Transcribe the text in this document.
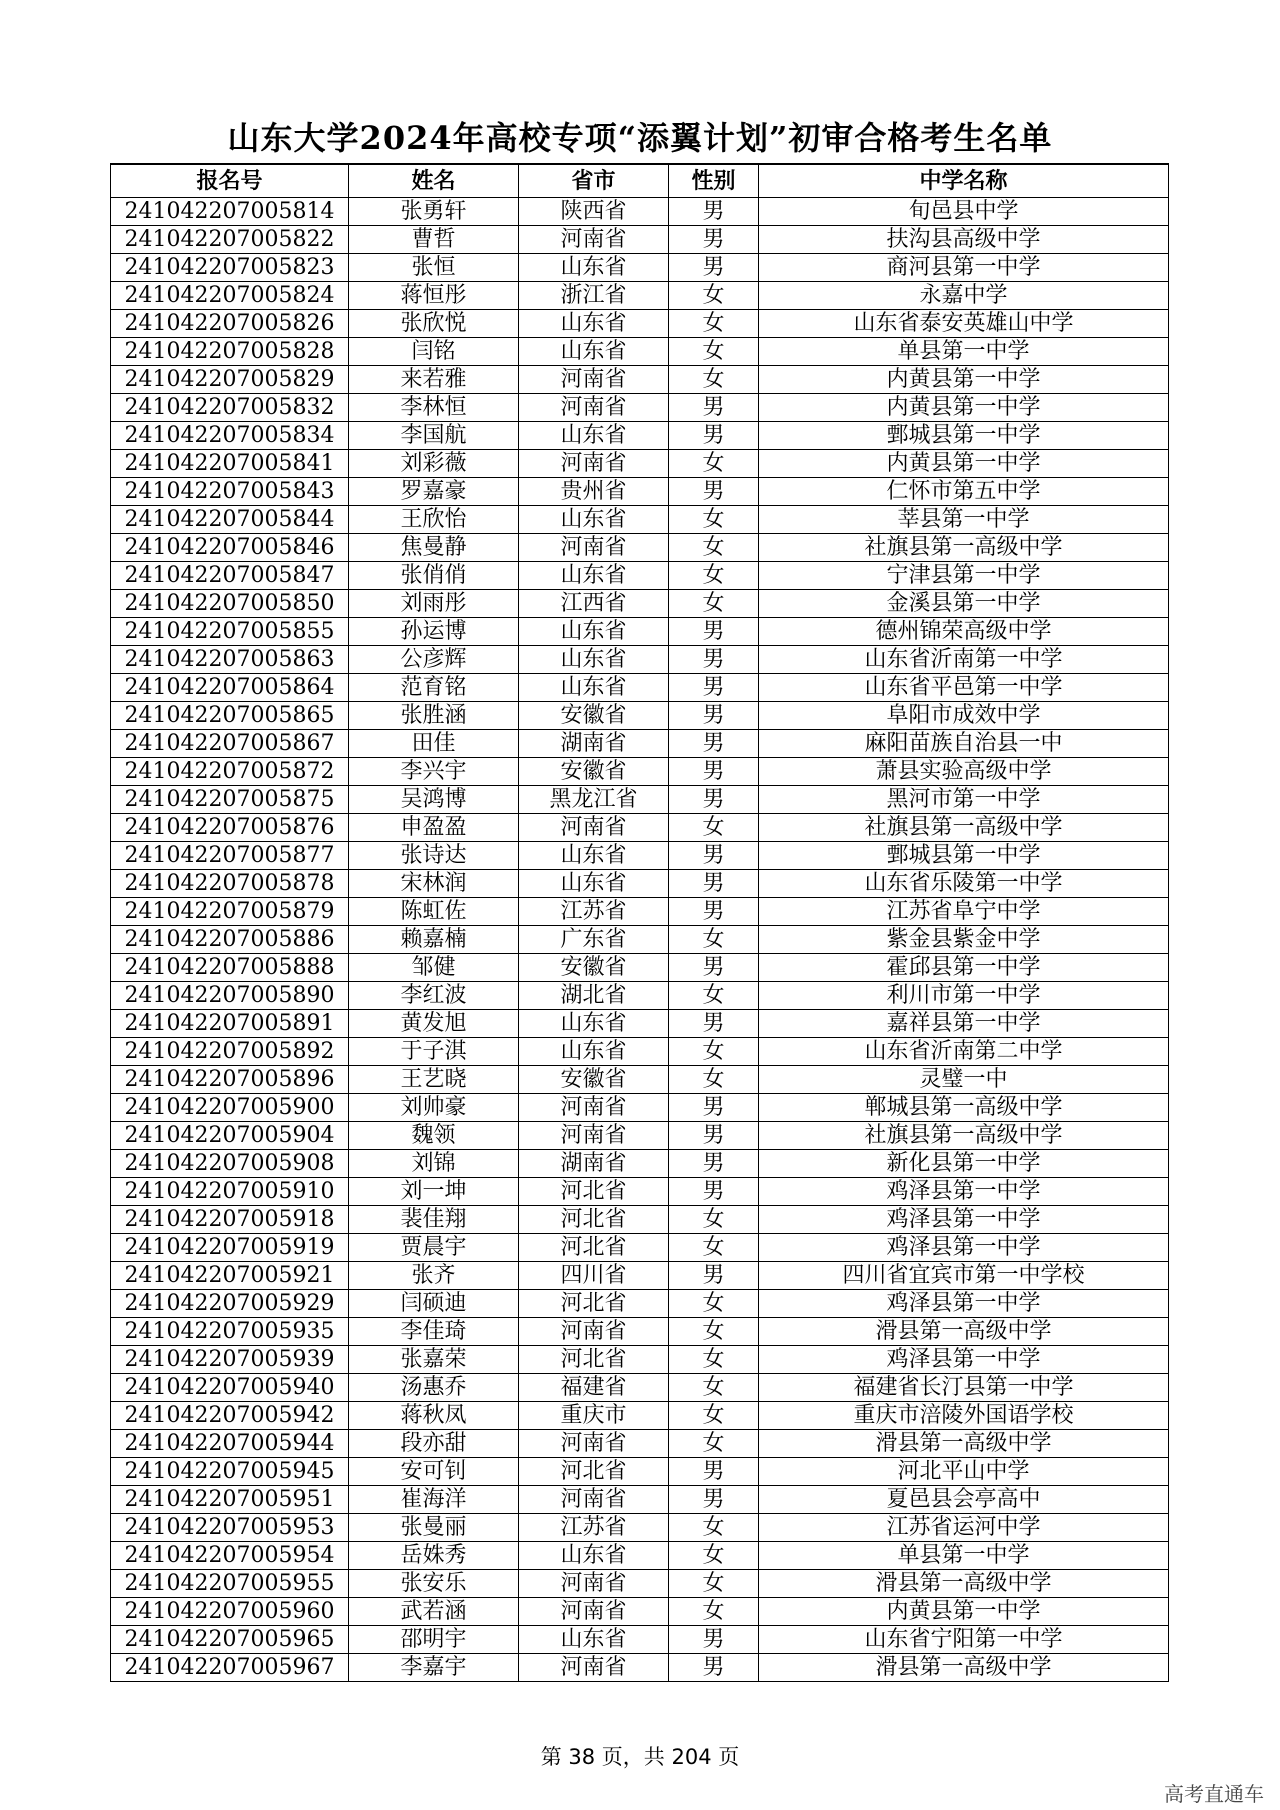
山东大学2024年高校专项“添翼计划”初审合格考生名单
报名号	姓名	省市	性别	中学名称
241042207005814	张勇轩	陕西省	男	旬邑县中学
241042207005822	曹哲	河南省	男	扶沟县高级中学
241042207005823	张恒	山东省	男	商河县第一中学
241042207005824	蒋恒彤	浙江省	女	永嘉中学
241042207005826	张欣悦	山东省	女	山东省泰安英雄山中学
241042207005828	闫铭	山东省	女	单县第一中学
241042207005829	来若雅	河南省	女	内黄县第一中学
241042207005832	李林恒	河南省	男	内黄县第一中学
241042207005834	李国航	山东省	男	鄄城县第一中学
241042207005841	刘彩薇	河南省	女	内黄县第一中学
241042207005843	罗嘉豪	贵州省	男	仁怀市第五中学
241042207005844	王欣怡	山东省	女	莘县第一中学
241042207005846	焦曼静	河南省	女	社旗县第一高级中学
241042207005847	张俏俏	山东省	女	宁津县第一中学
241042207005850	刘雨彤	江西省	女	金溪县第一中学
241042207005855	孙运博	山东省	男	德州锦荣高级中学
241042207005863	公彦辉	山东省	男	山东省沂南第一中学
241042207005864	范育铭	山东省	男	山东省平邑第一中学
241042207005865	张胜涵	安徽省	男	阜阳市成效中学
241042207005867	田佳	湖南省	男	麻阳苗族自治县一中
241042207005872	李兴宇	安徽省	男	萧县实验高级中学
241042207005875	吴鸿博	黑龙江省	男	黑河市第一中学
241042207005876	申盈盈	河南省	女	社旗县第一高级中学
241042207005877	张诗达	山东省	男	鄄城县第一中学
241042207005878	宋林润	山东省	男	山东省乐陵第一中学
241042207005879	陈虹佐	江苏省	男	江苏省阜宁中学
241042207005886	赖嘉楠	广东省	女	紫金县紫金中学
241042207005888	邹健	安徽省	男	霍邱县第一中学
241042207005890	李红波	湖北省	女	利川市第一中学
241042207005891	黄发旭	山东省	男	嘉祥县第一中学
241042207005892	于子淇	山东省	女	山东省沂南第二中学
241042207005896	王艺晓	安徽省	女	灵璧一中
241042207005900	刘帅豪	河南省	男	郸城县第一高级中学
241042207005904	魏领	河南省	男	社旗县第一高级中学
241042207005908	刘锦	湖南省	男	新化县第一中学
241042207005910	刘一坤	河北省	男	鸡泽县第一中学
241042207005918	裴佳翔	河北省	女	鸡泽县第一中学
241042207005919	贾晨宇	河北省	女	鸡泽县第一中学
241042207005921	张齐	四川省	男	四川省宜宾市第一中学校
241042207005929	闫硕迪	河北省	女	鸡泽县第一中学
241042207005935	李佳琦	河南省	女	滑县第一高级中学
241042207005939	张嘉荣	河北省	女	鸡泽县第一中学
241042207005940	汤惠乔	福建省	女	福建省长汀县第一中学
241042207005942	蒋秋凤	重庆市	女	重庆市涪陵外国语学校
241042207005944	段亦甜	河南省	女	滑县第一高级中学
241042207005945	安可钊	河北省	男	河北平山中学
241042207005951	崔海洋	河南省	男	夏邑县会亭高中
241042207005953	张曼丽	江苏省	女	江苏省运河中学
241042207005954	岳姝秀	山东省	女	单县第一中学
241042207005955	张安乐	河南省	女	滑县第一高级中学
241042207005960	武若涵	河南省	女	内黄县第一中学
241042207005965	邵明宇	山东省	男	山东省宁阳第一中学
241042207005967	李嘉宇	河南省	男	滑县第一高级中学
第 38 页，共 204 页
高考直通车
